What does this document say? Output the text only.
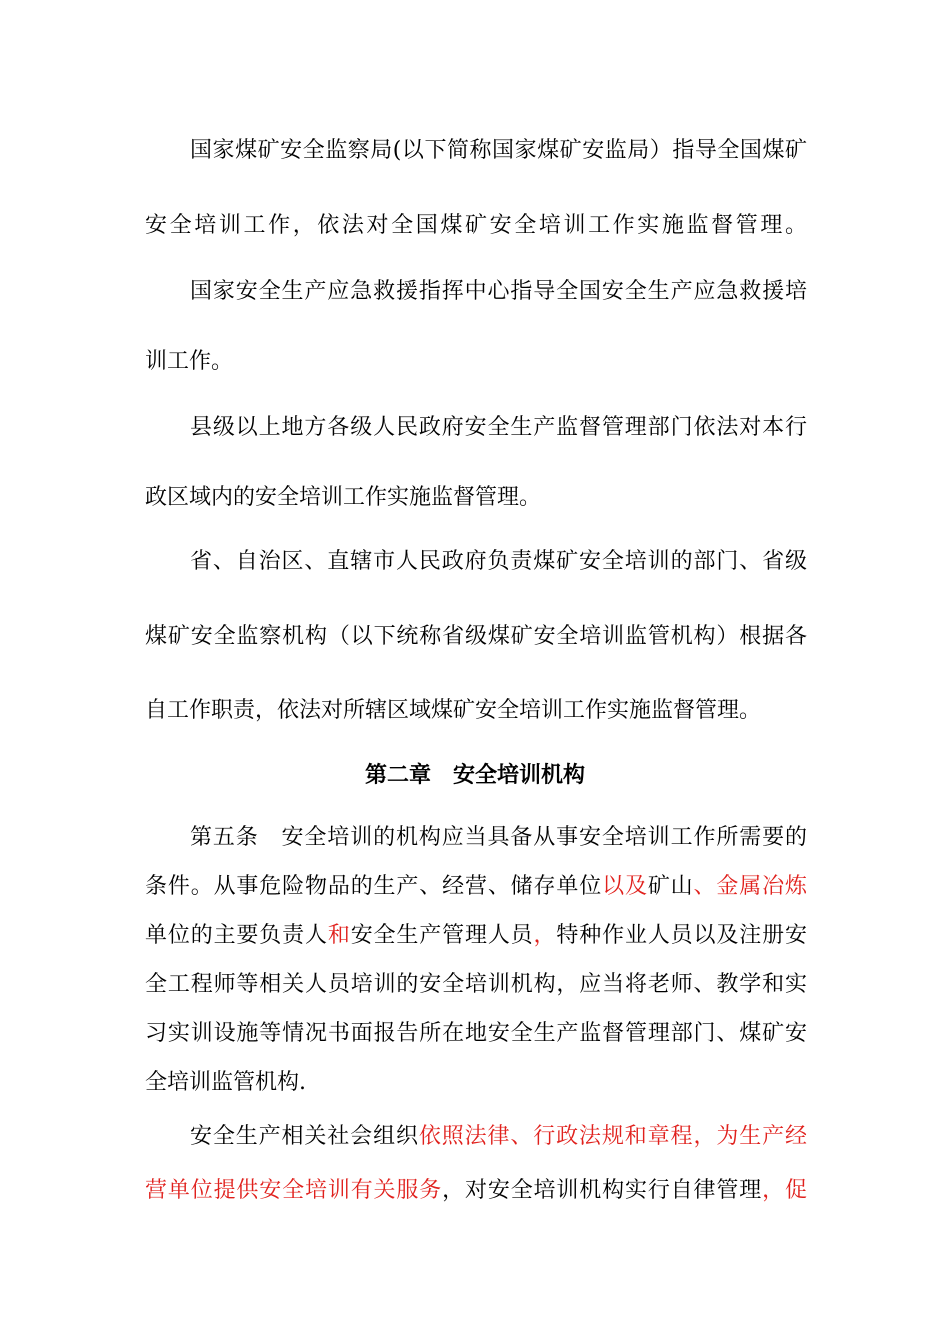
国家煤矿安全监察局(以下简称国家煤矿安监局）指导全国煤矿
安全培训工作，依法对全国煤矿安全培训工作实施监督管理。
国家安全生产应急救援指挥中心指导全国安全生产应急救援培
训工作。
县级以上地方各级人民政府安全生产监督管理部门依法对本行
政区域内的安全培训工作实施监督管理。
省、自治区、直辖市人民政府负责煤矿安全培训的部门、省级
煤矿安全监察机构（以下统称省级煤矿安全培训监管机构）根据各
自工作职责，依法对所辖区域煤矿安全培训工作实施监督管理。
第二章　安全培训机构
第五条　安全培训的机构应当具备从事安全培训工作所需要的
条件。从事危险物品的生产、经营、储存单位以及矿山、金属冶炼
单位的主要负责人和安全生产管理人员，特种作业人员以及注册安
全工程师等相关人员培训的安全培训机构，应当将老师、教学和实
习实训设施等情况书面报告所在地安全生产监督管理部门、煤矿安
全培训监管机构.
安全生产相关社会组织依照法律、行政法规和章程，为生产经
营单位提供安全培训有关服务，对安全培训机构实行自律管理，促
